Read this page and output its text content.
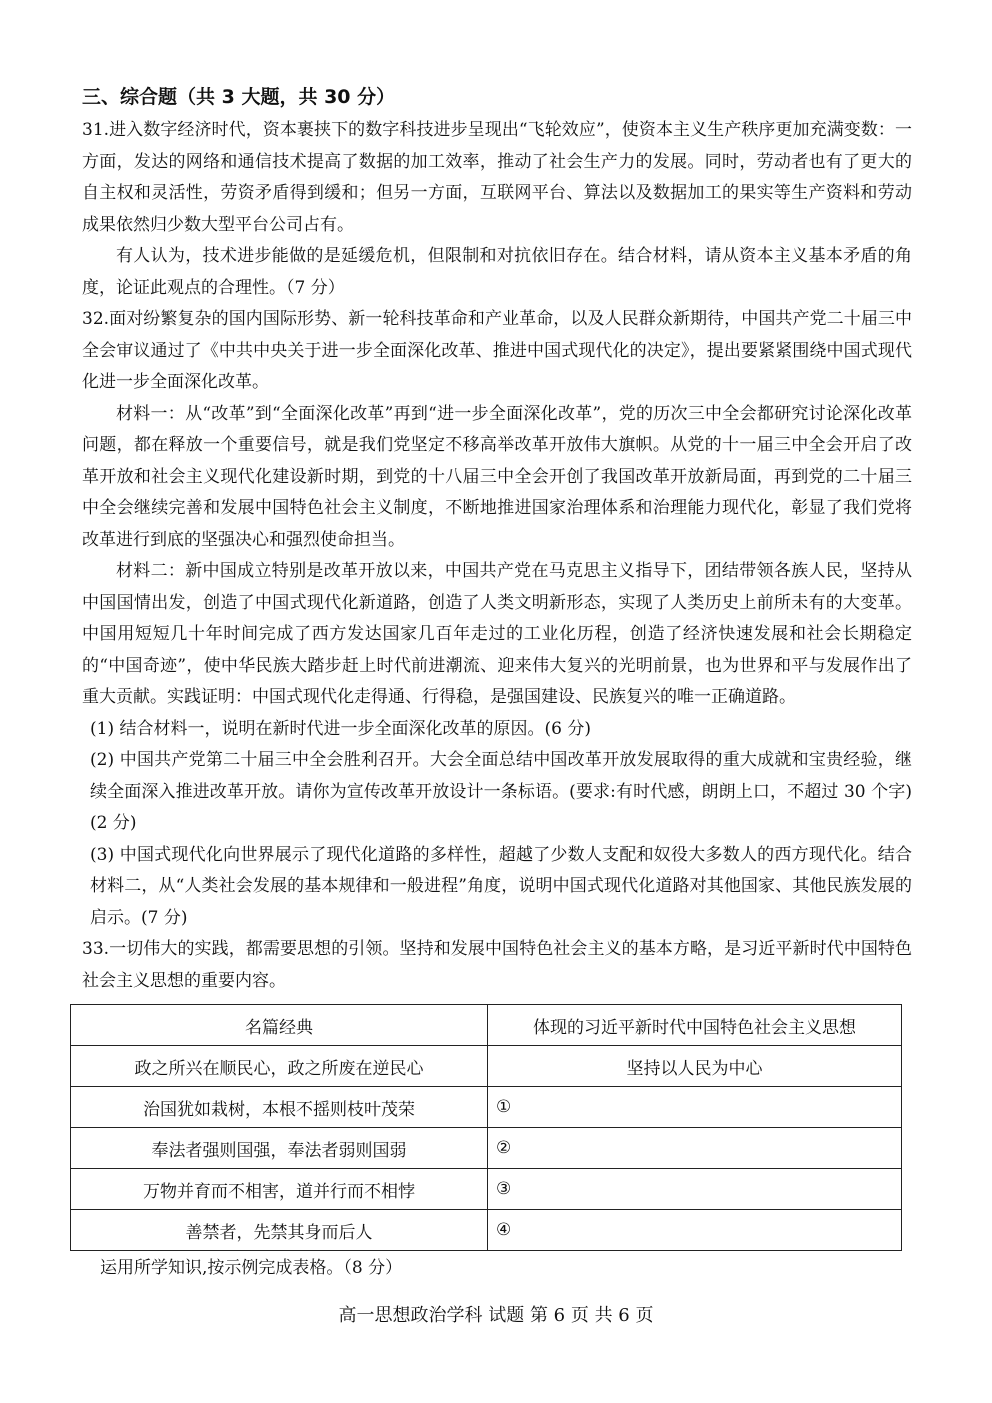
三、综合题（共 3 大题，共 30 分）

31.进入数字经济时代，资本裹挟下的数字科技进步呈现出“飞轮效应”，使资本主义生产秩序更加充满变数：一方面，发达的网络和通信技术提高了数据的加工效率，推动了社会生产力的发展。同时，劳动者也有了更大的自主权和灵活性，劳资矛盾得到缓和；但另一方面，互联网平台、算法以及数据加工的果实等生产资料和劳动成果依然归少数大型平台公司占有。

有人认为，技术进步能做的是延缓危机，但限制和对抗依旧存在。结合材料，请从资本主义基本矛盾的角度，论证此观点的合理性。（7 分）

32.面对纷繁复杂的国内国际形势、新一轮科技革命和产业革命，以及人民群众新期待，中国共产党二十届三中全会审议通过了《中共中央关于进一步全面深化改革、推进中国式现代化的决定》，提出要紧紧围绕中国式现代化进一步全面深化改革。

材料一：从“改革”到“全面深化改革”再到“进一步全面深化改革”，党的历次三中全会都研究讨论深化改革问题，都在释放一个重要信号，就是我们党坚定不移高举改革开放伟大旗帜。从党的十一届三中全会开启了改革开放和社会主义现代化建设新时期，到党的十八届三中全会开创了我国改革开放新局面，再到党的二十届三中全会继续完善和发展中国特色社会主义制度，不断地推进国家治理体系和治理能力现代化，彰显了我们党将改革进行到底的坚强决心和强烈使命担当。

材料二：新中国成立特别是改革开放以来，中国共产党在马克思主义指导下，团结带领各族人民，坚持从中国国情出发，创造了中国式现代化新道路，创造了人类文明新形态，实现了人类历史上前所未有的大变革。中国用短短几十年时间完成了西方发达国家几百年走过的工业化历程，创造了经济快速发展和社会长期稳定的“中国奇迹”，使中华民族大踏步赶上时代前进潮流、迎来伟大复兴的光明前景，也为世界和平与发展作出了重大贡献。实践证明：中国式现代化走得通、行得稳，是强国建设、民族复兴的唯一正确道路。

(1) 结合材料一，说明在新时代进一步全面深化改革的原因。(6 分)

(2) 中国共产党第二十届三中全会胜利召开。大会全面总结中国改革开放发展取得的重大成就和宝贵经验，继续全面深入推进改革开放。请你为宣传改革开放设计一条标语。(要求:有时代感，朗朗上口，不超过 30 个字) (2 分)

(3) 中国式现代化向世界展示了现代化道路的多样性，超越了少数人支配和奴役大多数人的西方现代化。结合材料二，从“人类社会发展的基本规律和一般进程”角度，说明中国式现代化道路对其他国家、其他民族发展的启示。(7 分)

33.一切伟大的实践，都需要思想的引领。坚持和发展中国特色社会主义的基本方略，是习近平新时代中国特色社会主义思想的重要内容。

名篇经典	体现的习近平新时代中国特色社会主义思想
政之所兴在顺民心，政之所废在逆民心	坚持以人民为中心
治国犹如栽树，本根不摇则枝叶茂荣	①
奉法者强则国强，奉法者弱则国弱	②
万物并育而不相害，道并行而不相悖	③
善禁者，先禁其身而后人	④

运用所学知识,按示例完成表格。（8 分）

高一思想政治学科 试题 第 6 页 共 6 页
